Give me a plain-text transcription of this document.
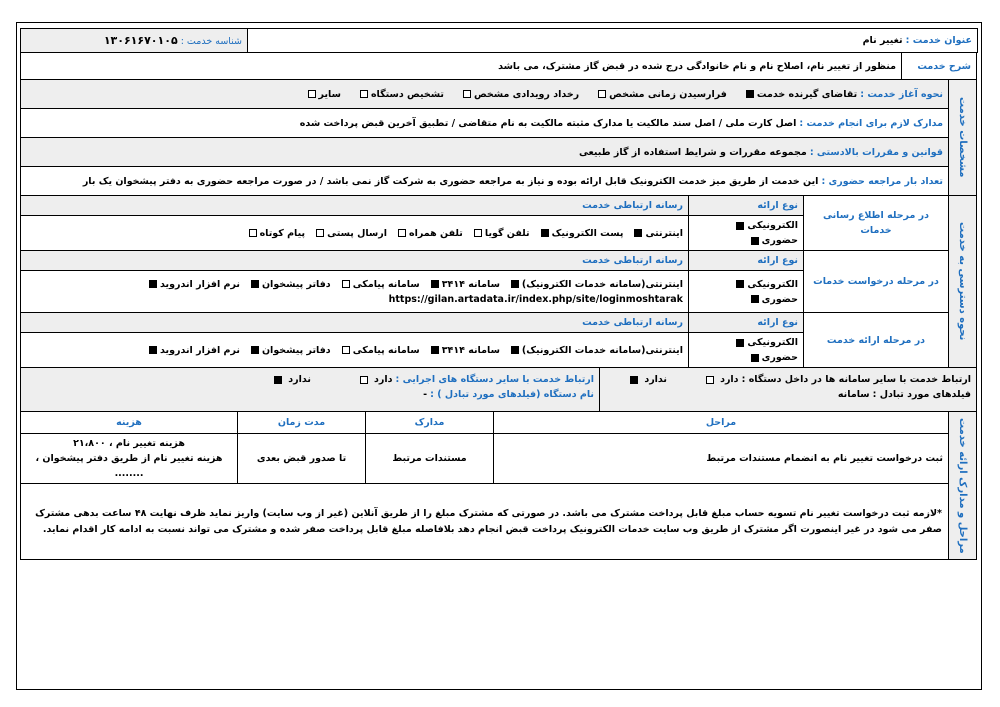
عنوان خدمت : تغییر نام	شناسه خدمت : ۱۳۰۶۱۶۷۰۱۰۵
شرح خدمت	منظور از تغییر نام، اصلاح نام و نام خانوادگی درج شده در قبض گاز مشترک، می باشد
مشخصات خدمت	نحوه آغاز خدمت : تقاضای گیرنده خدمتفرارسیدن زمانی مشخصرخداد رویدادی مشخصتشخیص دستگاهسایر
مدارک لازم برای انجام خدمت : اصل کارت ملی / اصل سند مالکیت یا مدارک مثبته مالکیت به نام متقاضی / تطبیق آخرین قبض پرداخت شده
قوانین و مقررات بالادستی : مجموعه مقررات و شرایط استفاده از گاز طبیعی
تعداد بار مراجعه حضوری : این خدمت از طریق میز خدمت الکترونیک قابل ارائه بوده و نیاز به مراجعه حضوری به شرکت گاز نمی باشد / در صورت مراجعه حضوری به دفتر پیشخوان یک بار
نحوه دسترسی به خدمت	در مرحله اطلاع رسانی خدمات	نوع ارائه	رسانه ارتباطی خدمت
		الکترونیکیحضوری	اینترنتیپست الکترونیکتلفن گویاتلفن همراهارسال پستیپیام کوتاه

	در مرحله درخواست خدمات	نوع ارائه	رسانه ارتباطی خدمت
		الکترونیکیحضوری	اینترنتی(سامانه خدمات الکترونیک)سامانه ۳۴۱۴سامانه پیامکیدفاتر پیشخواننرم افزار اندروید
https://gilan.artadata.ir/index.php/site/loginmoshtarak

	در مرحله ارائه خدمت	نوع ارائه	رسانه ارتباطی خدمت
		الکترونیکیحضوری	اینترنتی(سامانه خدمات الکترونیک)سامانه ۳۴۱۴سامانه پیامکیدفاتر پیشخواننرم افزار اندروید
ارتباط خدمت با سایر سامانه ها در داخل دستگاه : دارد   ندارد
فیلدهای مورد تبادل : سامانه

ارتباط خدمت با سایر دستگاه های اجرایی : دارد   ندارد
نام دستگاه (فیلدهای مورد تبادل ) : -
مراحل و مدارک ارائه خدمت	مراحل	مدارک	مدت زمان	هزینه
	ثبت درخواست تغییر نام به انضمام مستندات مرتبط	مستندات مرتبط	تا صدور قبض بعدی	هزینه تغییر نام ، ۲۱،۸۰۰
هزینه تغییر نام از طریق دفتر پیشخوان ، ........

	*لازمه ثبت درخواست تغییر نام تسویه حساب مبلغ قابل پرداخت مشترک می باشد. در صورتی که مشترک مبلغ را از طریق آنلاین (غیر از وب سایت) واریز نماید ظرف نهایت ۴۸ ساعت بدهی مشترک صفر می شود در غیر اینصورت اگر مشترک از طریق وب سایت خدمات الکترونیک پرداخت قبض انجام دهد بلافاصله مبلغ قابل پرداخت صفر شده و مشترک می تواند نسبت به ادامه کار اقدام نماید.			
